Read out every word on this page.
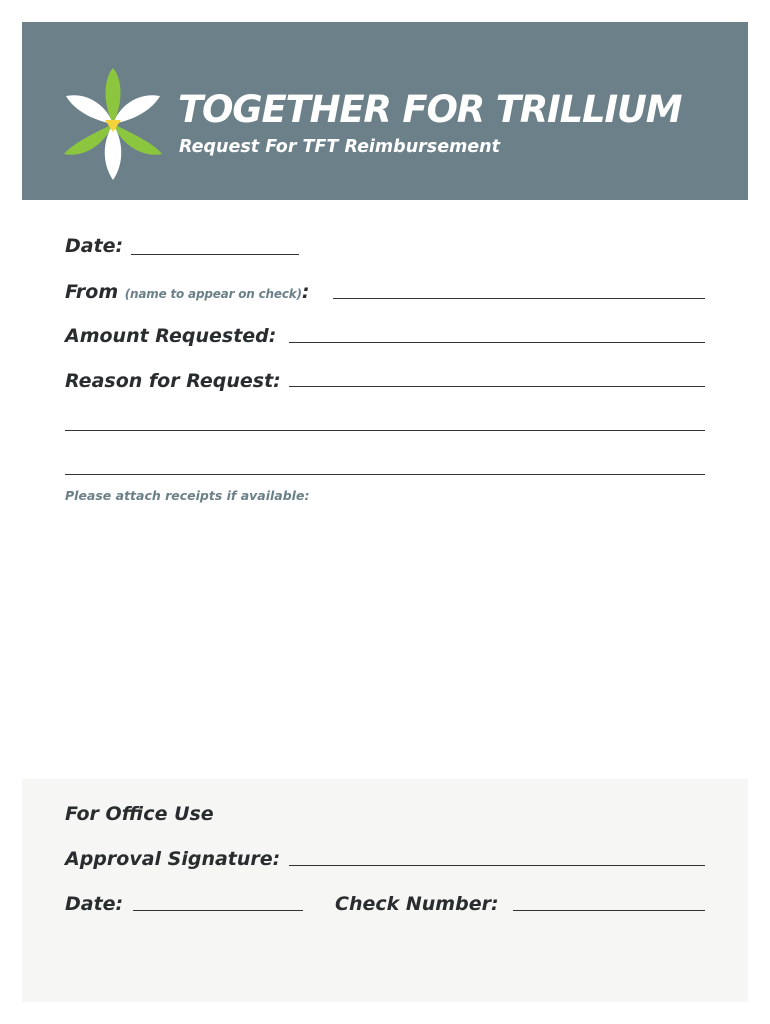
TOGETHER FOR TRILLIUM
Request For TFT Reimbursement
Date:
From (name to appear on check):
Amount Requested:
Reason for Request:
Please attach receipts if available:
For Office Use
Approval Signature:
Date:	Check Number:
